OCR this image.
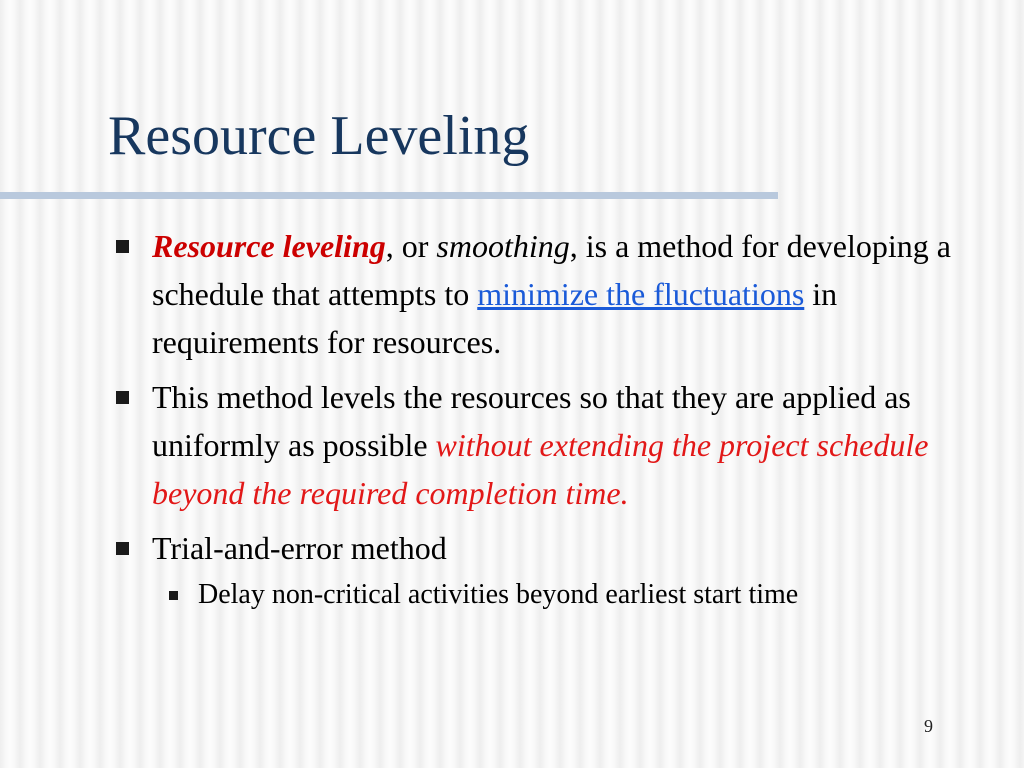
Resource Leveling
Resource leveling, or smoothing, is a method for developing a schedule that attempts to minimize the fluctuations in requirements for resources.
This method levels the resources so that they are applied as uniformly as possible without extending the project schedule beyond the required completion time.
Trial-and-error method
Delay non-critical activities beyond earliest start time
9
